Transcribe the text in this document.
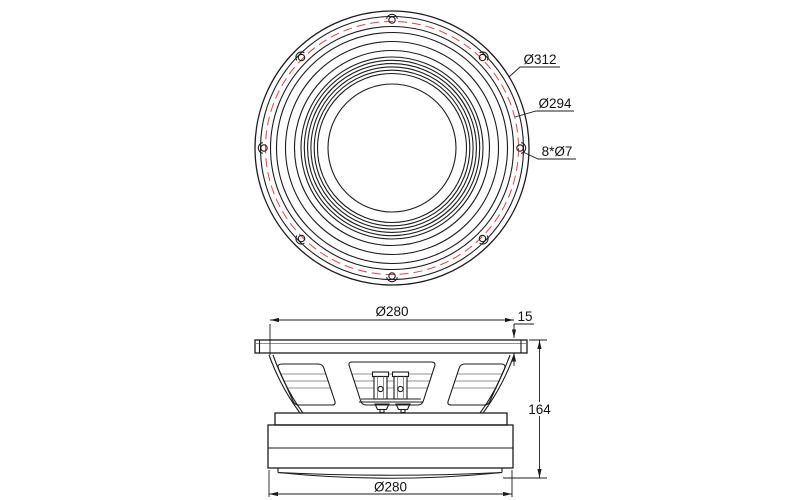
Ø312
Ø294
8*Ø7
Ø280	15
164
Ø280
